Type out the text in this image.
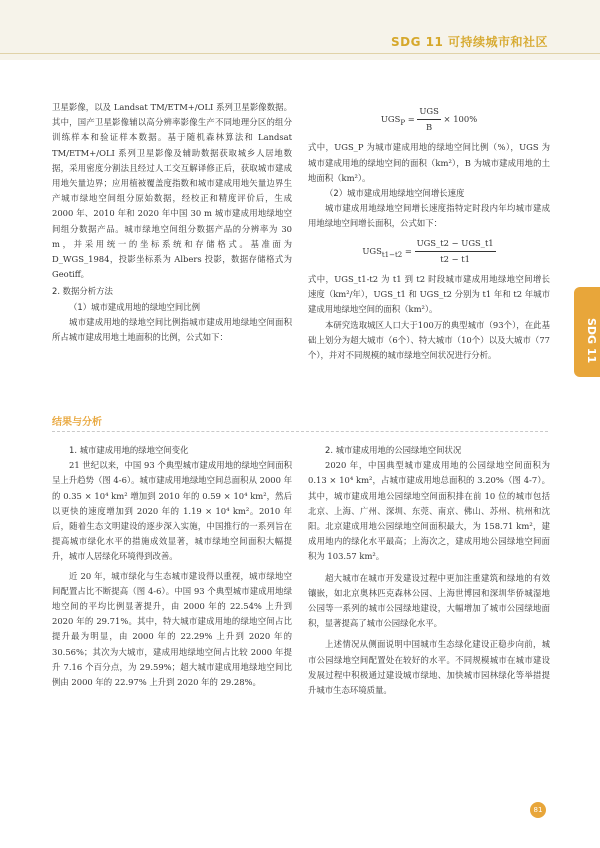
SDG 11 可持续城市和社区
SDG 11

卫星影像，以及 Landsat TM/ETM+/OLI 系列卫星影像数据。其中，国产卫星影像辅以高分辨率影像生产不同地理分区的组分训练样本和验证样本数据。基于随机森林算法和 Landsat TM/ETM+/OLI 系列卫星影像及辅助数据获取城乡人居地数据，采用密度分割法且经过人工交互解译修正后，获取城市建成用地矢量边界；应用植被覆盖度指数和城市建成用地矢量边界生产城市绿地空间组分原始数据，经校正和精度评价后，生成 2000 年、2010 年和 2020 年中国 30 m 城市建成用地绿地空间组分数据产品。城市绿地空间组分数据产品的分辨率为 30 m，并采用统一的坐标系统和存储格式。基准面为 D_WGS_1984，投影坐标系为 Albers 投影，数据存储格式为 Geotiff。

2. 数据分析方法

（1）城市建成用地的绿地空间比例

城市建成用地的绿地空间比例指城市建成用地绿地空间面积所占城市建成用地土地面积的比例，公式如下：

$UGS_P = \frac{\text{UGS}}{B} \times 100\%$

式中，UGS_P 为城市建成用地的绿地空间比例（%），UGS 为城市建成用地的绿地空间的面积（km²），B 为城市建成用地的土地面积（km²）。

（2）城市建成用地绿地空间增长速度

城市建成用地绿地空间增长速度指特定时段内年均城市建成用地绿地空间增长面积，公式如下：

$UGS_{t1-t2} = \frac{\text{UGS\_t2 − UGS\_t1}}{t2 - t1}$

式中，UGS_t1-t2 为 t1 到 t2 时段城市建成用地绿地空间增长速度（km²/年），UGS_t1 和 UGS_t2 分别为 t1 年和 t2 年城市建成用地绿地空间的面积（km²）。

本研究选取城区人口大于100万的典型城市（93个），在此基础上划分为超大城市（6个）、特大城市（10个）以及大城市（77个），并对不同规模的城市绿地空间状况进行分析。

结果与分析

1. 城市建成用地的绿地空间变化

21 世纪以来，中国 93 个典型城市建成用地的绿地空间面积呈上升趋势（图 4-6）。城市建成用地绿地空间总面积从 2000 年的 0.35 × 10⁴ km² 增加到 2010 年的 0.59 × 10⁴ km²，然后以更快的速度增加到 2020 年的 1.19 × 10⁴ km²。2010 年后，随着生态文明建设的逐步深入实施，中国推行的一系列旨在提高城市绿化水平的措施成效显著，城市绿地空间面积大幅提升，城市人居绿化环境得到改善。

近 20 年，城市绿化与生态城市建设得以重视，城市绿地空间配置占比不断提高（图 4-6）。中国 93 个典型城市建成用地绿地空间的平均比例显著提升，由 2000 年的 22.54% 上升到 2020 年的 29.71%。其中，特大城市建成用地的绿地空间占比提升最为明显，由 2000 年的 22.29% 上升到 2020 年的 30.56%；其次为大城市，建成用地绿地空间占比较 2000 年提升 7.16 个百分点，为 29.59%；超大城市建成用地绿地空间比例由 2000 年的 22.97% 上升到 2020 年的 29.28%。

2. 城市建成用地的公园绿地空间状况

2020 年，中国典型城市建成用地的公园绿地空间面积为 0.13 × 10⁴ km²，占城市建成用地总面积的 3.20%（图 4-7）。其中，城市建成用地公园绿地空间面积排在前 10 位的城市包括北京、上海、广州、深圳、东莞、南京、佛山、苏州、杭州和沈阳。北京建成用地公园绿地空间面积最大，为 158.71 km²，建成用地内的绿化水平最高；上海次之，建成用地公园绿地空间面积为 103.57 km²。

超大城市在城市开发建设过程中更加注重建筑和绿地的有效镶嵌，如北京奥林匹克森林公园、上海世博园和深圳华侨城湿地公园等一系列的城市公园绿地建设，大幅增加了城市公园绿地面积，显著提高了城市公园绿化水平。

上述情况从侧面说明中国城市生态绿化建设正稳步向前，城市公园绿地空间配置处在较好的水平。不同规模城市在城市建设发展过程中积极通过建设城市绿地、加快城市园林绿化等举措提升城市生态环境质量。

81
